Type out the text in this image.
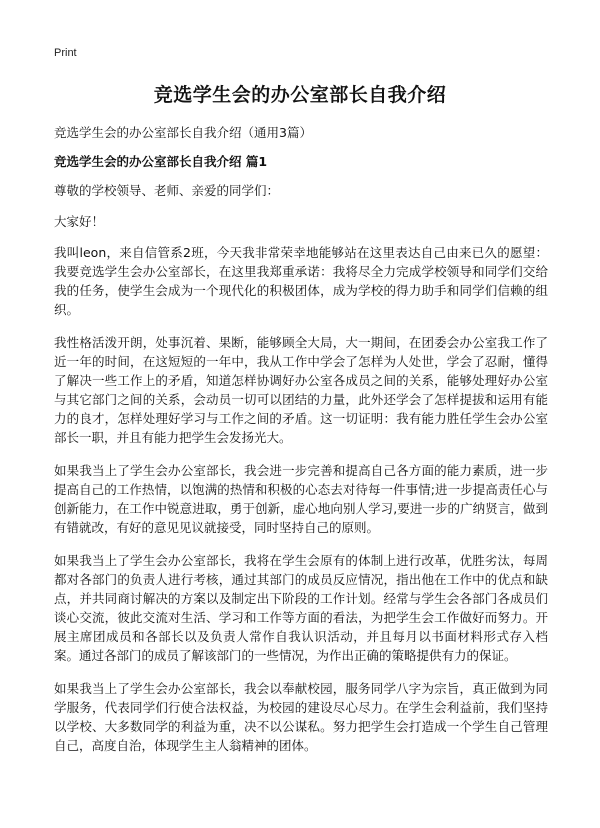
Print
竞选学生会的办公室部长自我介绍
竞选学生会的办公室部长自我介绍（通用3篇）
竞选学生会的办公室部长自我介绍 篇1
尊敬的学校领导、老师、亲爱的同学们：
大家好！

我叫leon，来自信管系2班，今天我非常荣幸地能够站在这里表达自己由来已久的愿望：我要竞选学生会办公室部长，在这里我郑重承诺：我将尽全力完成学校领导和同学们交给我的任务，使学生会成为一个现代化的积极团体，成为学校的得力助手和同学们信赖的组织。

我性格活泼开朗，处事沉着、果断，能够顾全大局，大一期间，在团委会办公室我工作了近一年的时间，在这短短的一年中，我从工作中学会了怎样为人处世，学会了忍耐，懂得了解决一些工作上的矛盾，知道怎样协调好办公室各成员之间的关系，能够处理好办公室与其它部门之间的关系，会动员一切可以团结的力量，此外还学会了怎样提拔和运用有能力的良才，怎样处理好学习与工作之间的矛盾。这一切证明：我有能力胜任学生会办公室部长一职，并且有能力把学生会发扬光大。

如果我当上了学生会办公室部长，我会进一步完善和提高自己各方面的能力素质，进一步提高自己的工作热情，以饱满的热情和积极的心态去对待每一件事情;进一步提高责任心与创新能力，在工作中锐意进取，勇于创新，虚心地向别人学习,要进一步的广纳贤言，做到有错就改，有好的意见见议就接受，同时坚持自己的原则。

如果我当上了学生会办公室部长，我将在学生会原有的体制上进行改革，优胜劣汰，每周都对各部门的负责人进行考核，通过其部门的成员反应情况，指出他在工作中的优点和缺点，并共同商讨解决的方案以及制定出下阶段的工作计划。经常与学生会各部门各成员们谈心交流，彼此交流对生活、学习和工作等方面的看法，为把学生会工作做好而努力。开展主席团成员和各部长以及负责人常作自我认识活动，并且每月以书面材料形式存入档案。通过各部门的成员了解该部门的一些情况，为作出正确的策略提供有力的保证。

如果我当上了学生会办公室部长，我会以奉献校园，服务同学八字为宗旨，真正做到为同学服务，代表同学们行使合法权益，为校园的建设尽心尽力。在学生会利益前，我们坚持以学校、大多数同学的利益为重，决不以公谋私。努力把学生会打造成一个学生自己管理自己，高度自治，体现学生主人翁精神的团体。
